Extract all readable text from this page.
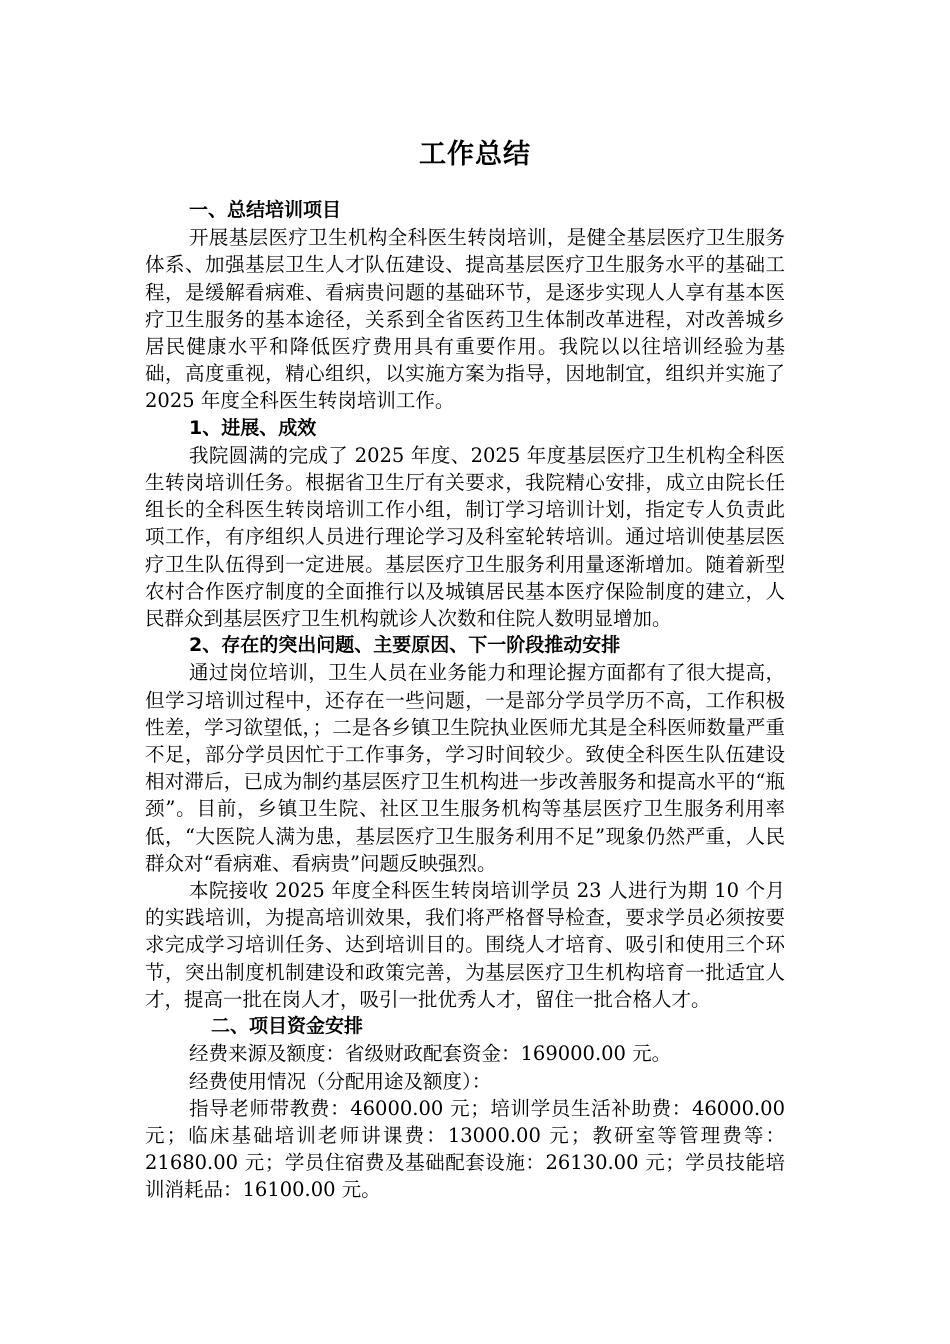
工作总结

一、总结培训项目

开展基层医疗卫生机构全科医生转岗培训，是健全基层医疗卫生服务体系、加强基层卫生人才队伍建设、提高基层医疗卫生服务水平的基础工程，是缓解看病难、看病贵问题的基础环节，是逐步实现人人享有基本医疗卫生服务的基本途径，关系到全省医药卫生体制改革进程，对改善城乡居民健康水平和降低医疗费用具有重要作用。我院以以往培训经验为基础，高度重视，精心组织，以实施方案为指导，因地制宜，组织并实施了 2025 年度全科医生转岗培训工作。

1、进展、成效

我院圆满的完成了 2025 年度、2025 年度基层医疗卫生机构全科医生转岗培训任务。根据省卫生厅有关要求，我院精心安排，成立由院长任组长的全科医生转岗培训工作小组，制订学习培训计划，指定专人负责此项工作，有序组织人员进行理论学习及科室轮转培训。通过培训使基层医疗卫生队伍得到一定进展。基层医疗卫生服务利用量逐渐增加。随着新型农村合作医疗制度的全面推行以及城镇居民基本医疗保险制度的建立，人民群众到基层医疗卫生机构就诊人次数和住院人数明显增加。

2、存在的突出问题、主要原因、下一阶段推动安排

通过岗位培训，卫生人员在业务能力和理论握方面都有了很大提高，但学习培训过程中，还存在一些问题，一是部分学员学历不高，工作积极性差，学习欲望低，；二是各乡镇卫生院执业医师尤其是全科医师数量严重不足，部分学员因忙于工作事务，学习时间较少。致使全科医生队伍建设相对滞后，已成为制约基层医疗卫生机构进一步改善服务和提高水平的“瓶颈”。目前，乡镇卫生院、社区卫生服务机构等基层医疗卫生服务利用率低，“大医院人满为患，基层医疗卫生服务利用不足”现象仍然严重，人民群众对“看病难、看病贵”问题反映强烈。

本院接收 2025 年度全科医生转岗培训学员 23 人进行为期 10 个月的实践培训，为提高培训效果，我们将严格督导检查，要求学员必须按要求完成学习培训任务、达到培训目的。围绕人才培育、吸引和使用三个环节，突出制度机制建设和政策完善，为基层医疗卫生机构培育一批适宜人才，提高一批在岗人才，吸引一批优秀人才，留住一批合格人才。

二、项目资金安排

经费来源及额度：省级财政配套资金：169000.00 元。

经费使用情况（分配用途及额度）：

指导老师带教费：46000.00 元；培训学员生活补助费：46000.00 元；临床基础培训老师讲课费：13000.00 元；教研室等管理费等：21680.00 元；学员住宿费及基础配套设施：26130.00 元；学员技能培训消耗品：16100.00 元。
